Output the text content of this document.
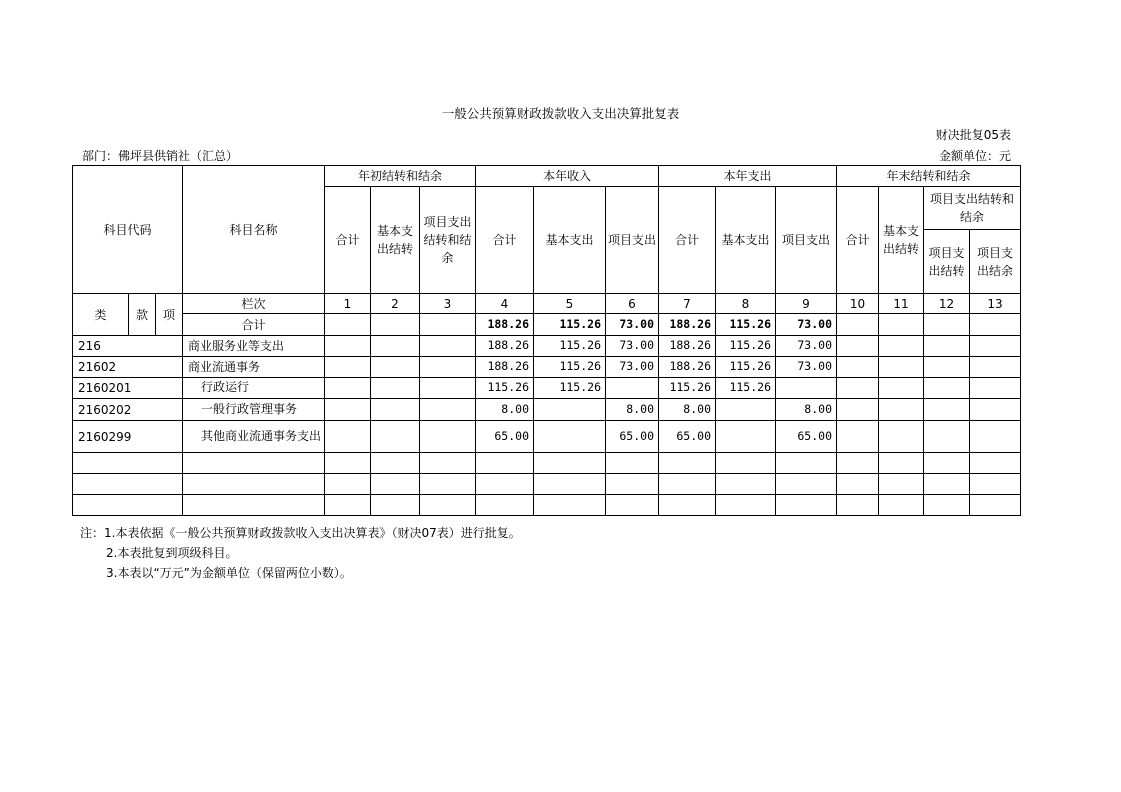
一般公共预算财政拨款收入支出决算批复表
财决批复05表
部门：佛坪县供销社（汇总）	金额单位：元
科目代码			科目名称	年初结转和结余			本年收入			本年支出			年末结转和结余			
				合计	基本支出结转	项目支出结转和结余	合计	基本支出	项目支出	合计	基本支出	项目支出	合计	基本支出结转	项目支出结转和结余	
															项目支出结转	项目支出结余
类	款	项	栏次	1	2	3	4	5	6	7	8	9	10	11	12	13
			合计				188.26	115.26	73.00	188.26	115.26	73.00				
216			商业服务业等支出				188.26	115.26	73.00	188.26	115.26	73.00				
21602			商业流通事务				188.26	115.26	73.00	188.26	115.26	73.00				
2160201			行政运行				115.26	115.26		115.26	115.26					
2160202			一般行政管理事务				8.00		8.00	8.00		8.00				
2160299			其他商业流通事务支出				65.00		65.00	65.00		65.00				

注：1.本表依据《一般公共预算财政拨款收入支出决算表》（财决07表）进行批复。
2.本表批复到项级科目。
3.本表以“万元”为金额单位（保留两位小数）。
